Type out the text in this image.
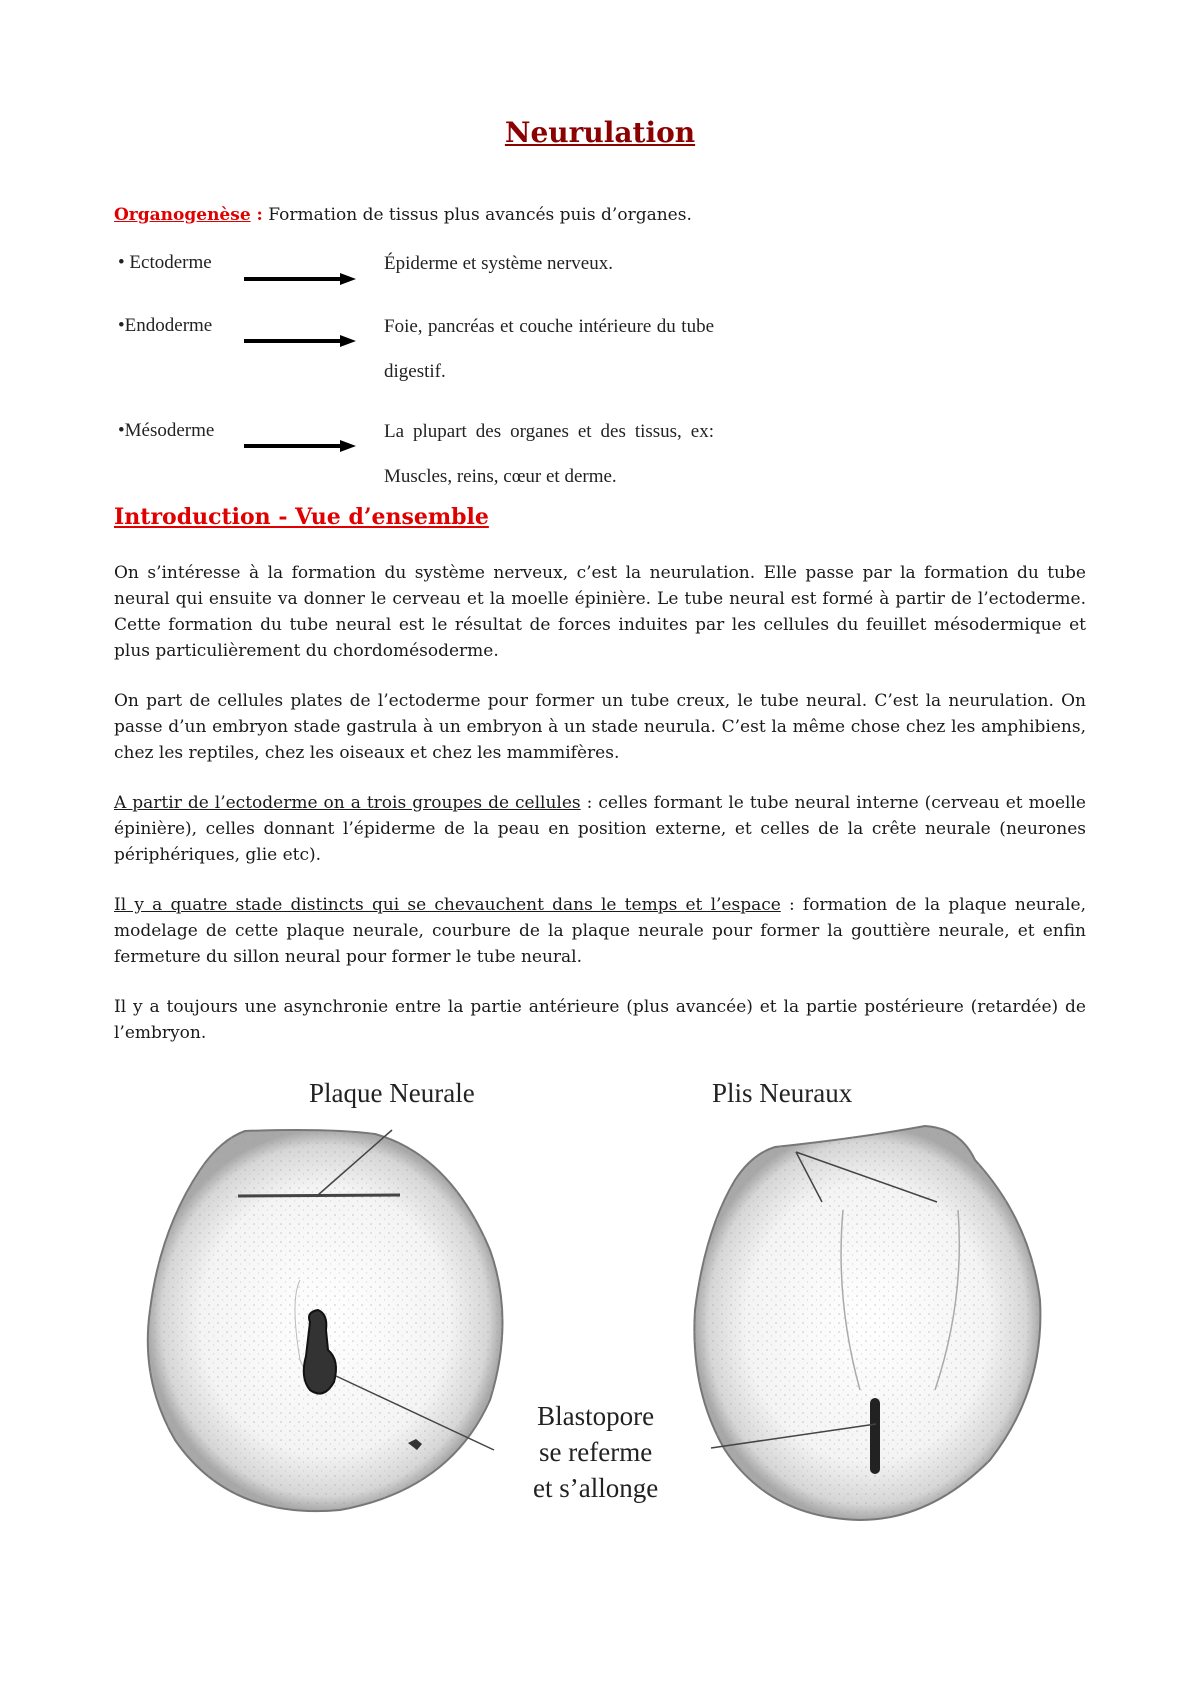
Neurulation
Organogenèse : Formation de tissus plus avancés puis d’organes.
• Ectoderme	Épiderme et système nerveux.
•Endoderme	Foie, pancréas et couche intérieure du tube digestif.
•Mésoderme	La plupart des organes et des tissus, ex: Muscles, reins, cœur et derme.
Introduction - Vue d’ensemble

On s’intéresse à la formation du système nerveux, c’est la neurulation. Elle passe par la formation du tube neural qui ensuite va donner le cerveau et la moelle épinière. Le tube neural est formé à partir de l’ectoderme. Cette formation du tube neural est le résultat de forces induites par les cellules du feuillet mésodermique et plus particulièrement du chordomésoderme.

On part de cellules plates de l’ectoderme pour former un tube creux, le tube neural. C’est la neurulation. On passe d’un embryon stade gastrula à un embryon à un stade neurula. C’est la même chose chez les amphibiens, chez les reptiles, chez les oiseaux et chez les mammifères.

A partir de l’ectoderme on a trois groupes de cellules : celles formant le tube neural interne (cerveau et moelle épinière), celles donnant l’épiderme de la peau en position externe, et celles de la crête neurale (neurones périphériques, glie etc).

Il y a quatre stade distincts qui se chevauchent dans le temps et l’espace : formation de la plaque neurale, modelage de cette plaque neurale, courbure de la plaque neurale pour former la gouttière neurale, et enfin fermeture du sillon neural pour former le tube neural.

Il y a toujours une asynchronie entre la partie antérieure (plus avancée) et la partie postérieure (retardée) de l’embryon.

Plaque Neurale	Plis Neuraux
Blastopore
se referme
et s’allonge
